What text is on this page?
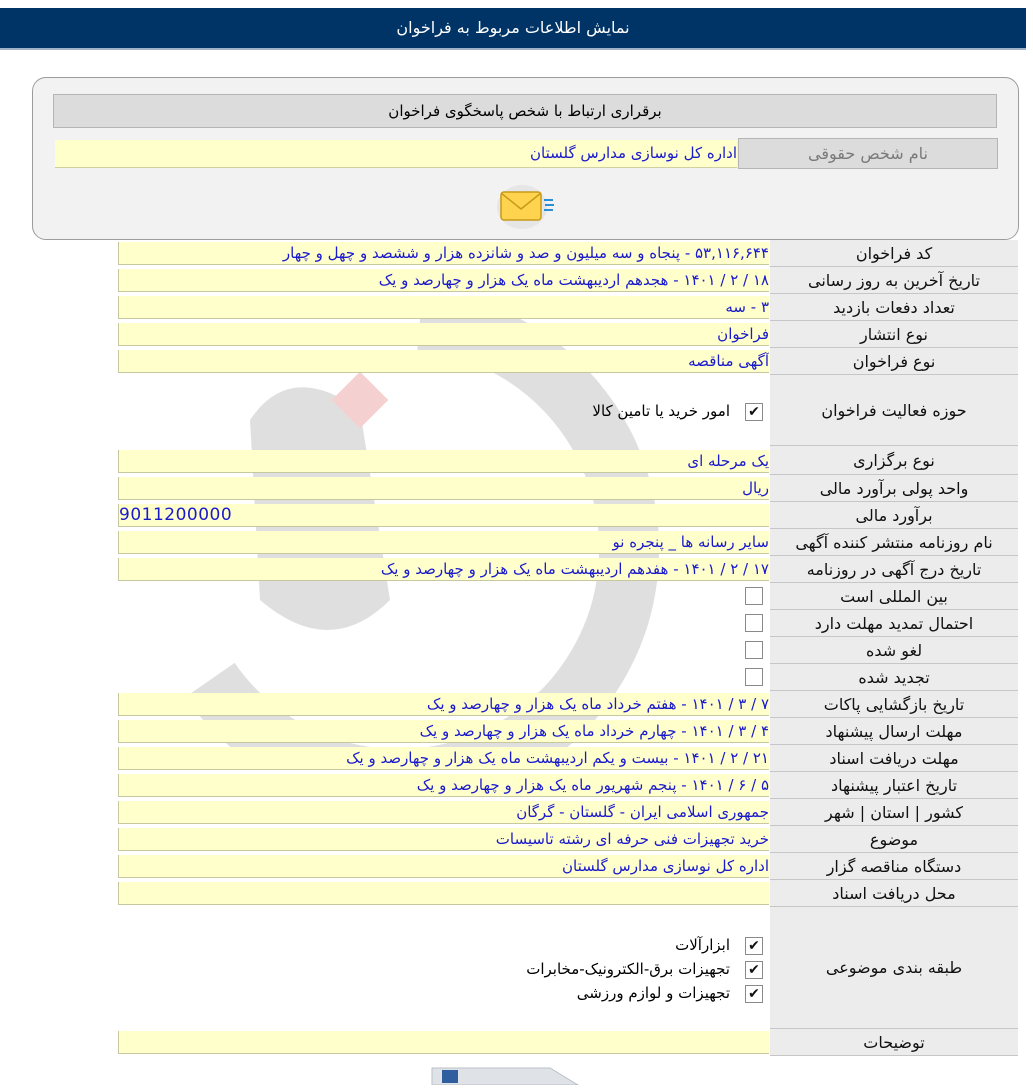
نمایش اطلاعات مربوط به فراخوان
برقراری ارتباط با شخص پاسخگوی فراخوان
نام شخص حقوقی
اداره کل نوسازی مدارس گلستان
کد فراخوان
۵۳,۱۱۶,۶۴۴ - پنجاه و سه میلیون و صد و شانزده هزار و ششصد و چهل و چهار
تاریخ آخرین به روز رسانی
۱۸ / ۲ / ۱۴۰۱ - هجدهم اردیبهشت ماه یک هزار و چهارصد و یک
تعداد دفعات بازدید
۳ - سه
نوع انتشار
فراخوان
نوع فراخوان
آگهی مناقصه
حوزه فعالیت فراخوان
✔
امور خرید یا تامین کالا
نوع برگزاری
یک مرحله ای
واحد پولی برآورد مالی
ریال
برآورد مالی
9011200000
نام روزنامه منتشر کننده آگهی
سایر رسانه ها _ پنجره نو
تاریخ درج آگهی در روزنامه
۱۷ / ۲ / ۱۴۰۱ - هفدهم اردیبهشت ماه یک هزار و چهارصد و یک
بین المللی است
احتمال تمدید مهلت دارد
لغو شده
تجدید شده
تاریخ بازگشایی پاکات
۷ / ۳ / ۱۴۰۱ - هفتم خرداد ماه یک هزار و چهارصد و یک
مهلت ارسال پیشنهاد
۴ / ۳ / ۱۴۰۱ - چهارم خرداد ماه یک هزار و چهارصد و یک
مهلت دریافت اسناد
۲۱ / ۲ / ۱۴۰۱ - بیست و یکم اردیبهشت ماه یک هزار و چهارصد و یک
تاریخ اعتبار پیشنهاد
۵ / ۶ / ۱۴۰۱ - پنجم شهریور ماه یک هزار و چهارصد و یک
کشور | استان | شهر
جمهوری اسلامی ایران - گلستان - گرگان
موضوع
خرید تجهیزات فنی حرفه ای رشته تاسیسات
دستگاه مناقصه گزار
اداره کل نوسازی مدارس گلستان
محل دریافت اسناد
طبقه بندی موضوعی
✔
ابزارآلات
✔
تجهیزات برق-الکترونیک-مخابرات
✔
تجهیزات و لوازم ورزشی
توضیحات
